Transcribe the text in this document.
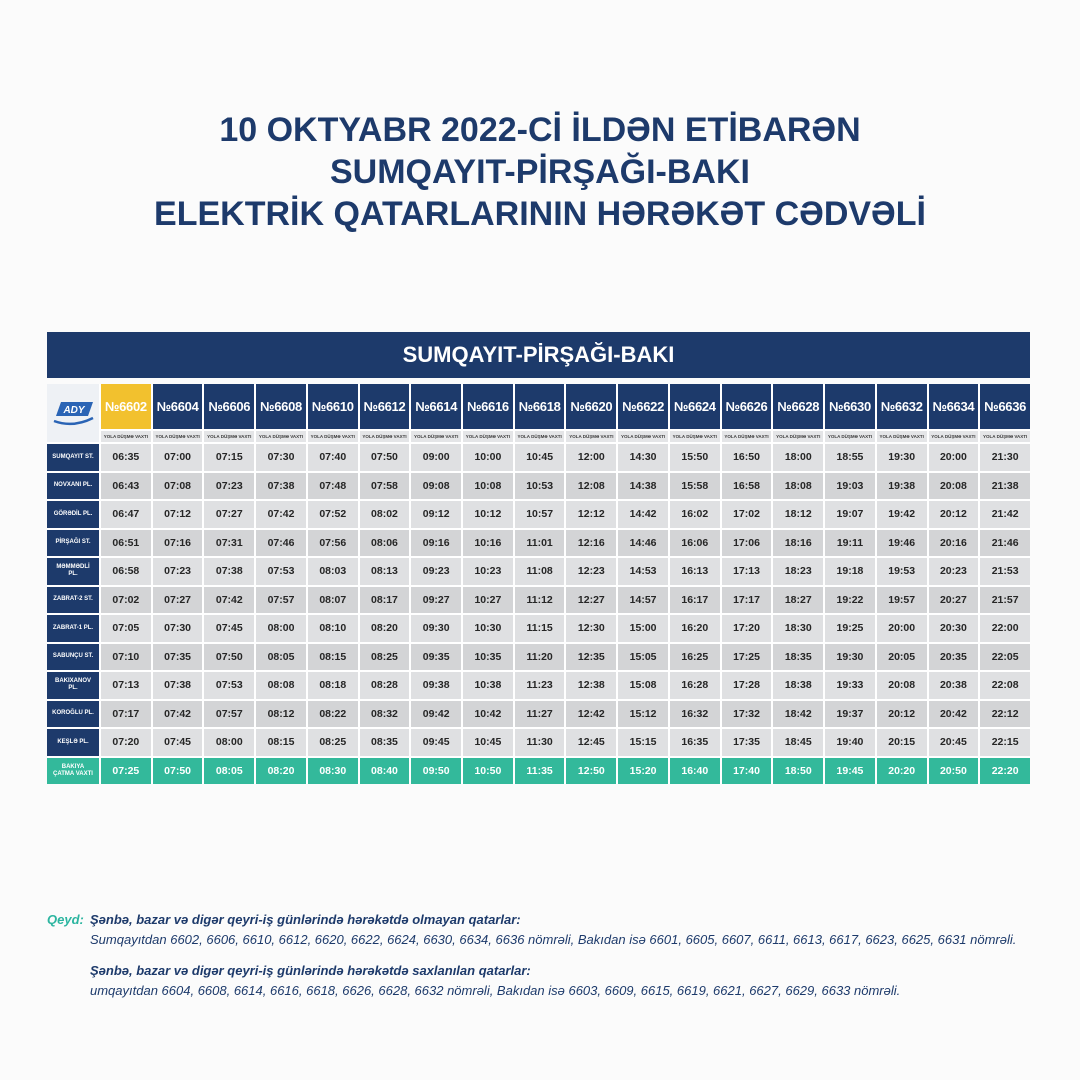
10 OKTYABR 2022-Cİ İLDƏN ETİBARƏN
SUMQAYIT-PİRŞAĞI-BAKI
ELEKTRİK QATARLARININ HƏRƏKƏT CƏDVƏLİ
SUMQAYIT-PİRŞAĞI-BAKI
ADY №6602 №6604 №6606 №6608 №6610 №6612 №6614 №6616 №6618 №6620 №6622 №6624 №6626 №6628 №6630 №6632 №6634 №6636
YOLA DÜŞMƏ VAXTI	YOLA DÜŞMƏ VAXTI	YOLA DÜŞMƏ VAXTI	YOLA DÜŞMƏ VAXTI	YOLA DÜŞMƏ VAXTI	YOLA DÜŞMƏ VAXTI	YOLA DÜŞMƏ VAXTI	YOLA DÜŞMƏ VAXTI	YOLA DÜŞMƏ VAXTI	YOLA DÜŞMƏ VAXTI	YOLA DÜŞMƏ VAXTI	YOLA DÜŞMƏ VAXTI	YOLA DÜŞMƏ VAXTI	YOLA DÜŞMƏ VAXTI	YOLA DÜŞMƏ VAXTI	YOLA DÜŞMƏ VAXTI	YOLA DÜŞMƏ VAXTI	YOLA DÜŞMƏ VAXTI
SUMQAYIT ST.	06:35	07:00	07:15	07:30	07:40	07:50	09:00	10:00	10:45	12:00	14:30	15:50	16:50	18:00	18:55	19:30	20:00	21:30
NOVXANI PL.	06:43	07:08	07:23	07:38	07:48	07:58	09:08	10:08	10:53	12:08	14:38	15:58	16:58	18:08	19:03	19:38	20:08	21:38
GÖRƏDİL PL.	06:47	07:12	07:27	07:42	07:52	08:02	09:12	10:12	10:57	12:12	14:42	16:02	17:02	18:12	19:07	19:42	20:12	21:42
PİRŞAĞI ST.	06:51	07:16	07:31	07:46	07:56	08:06	09:16	10:16	11:01	12:16	14:46	16:06	17:06	18:16	19:11	19:46	20:16	21:46
MƏMMƏDLİ PL.	06:58	07:23	07:38	07:53	08:03	08:13	09:23	10:23	11:08	12:23	14:53	16:13	17:13	18:23	19:18	19:53	20:23	21:53
ZABRAT-2 ST.	07:02	07:27	07:42	07:57	08:07	08:17	09:27	10:27	11:12	12:27	14:57	16:17	17:17	18:27	19:22	19:57	20:27	21:57
ZABRAT-1 PL.	07:05	07:30	07:45	08:00	08:10	08:20	09:30	10:30	11:15	12:30	15:00	16:20	17:20	18:30	19:25	20:00	20:30	22:00
SABUNÇU ST.	07:10	07:35	07:50	08:05	08:15	08:25	09:35	10:35	11:20	12:35	15:05	16:25	17:25	18:35	19:30	20:05	20:35	22:05
BAKIXANOV PL.	07:13	07:38	07:53	08:08	08:18	08:28	09:38	10:38	11:23	12:38	15:08	16:28	17:28	18:38	19:33	20:08	20:38	22:08
KOROĞLU PL.	07:17	07:42	07:57	08:12	08:22	08:32	09:42	10:42	11:27	12:42	15:12	16:32	17:32	18:42	19:37	20:12	20:42	22:12
KEŞLƏ PL.	07:20	07:45	08:00	08:15	08:25	08:35	09:45	10:45	11:30	12:45	15:15	16:35	17:35	18:45	19:40	20:15	20:45	22:15
BAKIYA ÇATMA VAXTI	07:25	07:50	08:05	08:20	08:30	08:40	09:50	10:50	11:35	12:50	15:20	16:40	17:40	18:50	19:45	20:20	20:50	22:20
Qeyd: Şənbə, bazar və digər qeyri-iş günlərində hərəkətdə olmayan qatarlar:
Sumqayıtdan 6602, 6606, 6610, 6612, 6620, 6622, 6624, 6630, 6634, 6636 nömrəli, Bakıdan isə 6601, 6605, 6607, 6611, 6613, 6617, 6623, 6625, 6631 nömrəli.
Şənbə, bazar və digər qeyri-iş günlərində hərəkətdə saxlanılan qatarlar:
umqayıtdan 6604, 6608, 6614, 6616, 6618, 6626, 6628, 6632 nömrəli, Bakıdan isə 6603, 6609, 6615, 6619, 6621, 6627, 6629, 6633 nömrəli.
